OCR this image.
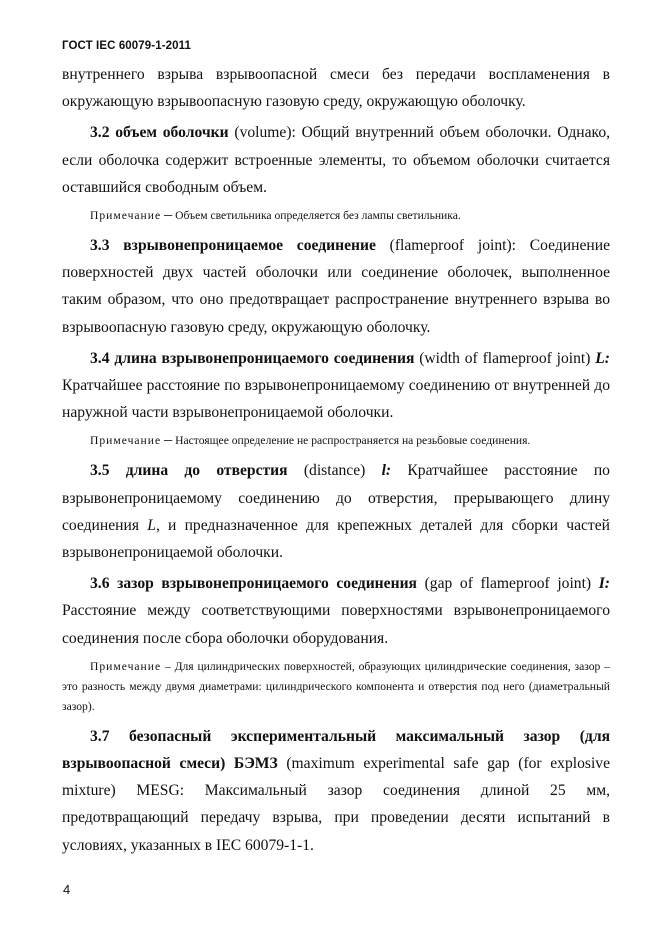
ГОСТ IEC 60079-1-2011

внутреннего взрыва взрывоопасной смеси без передачи воспламенения в окружающую взрывоопасную газовую среду, окружающую оболочку.

3.2 объем оболочки (volume): Общий внутренний объем оболочки. Однако, если оболочка содержит встроенные элементы, то объемом оболочки считается оставшийся свободным объем.

Примечание ─ Объем светильника определяется без лампы светильника.

3.3 взрывонепроницаемое соединение (flameproof joint): Соединение поверхностей двух частей оболочки или соединение оболочек, выполненное таким образом, что оно предотвращает распространение внутреннего взрыва во взрывоопасную газовую среду, окружающую оболочку.

3.4 длина взрывонепроницаемого соединения (width of flameproof joint) L: Кратчайшее расстояние по взрывонепроницаемому соединению от внутренней до наружной части взрывонепроницаемой оболочки.

Примечание ─ Настоящее определение не распространяется на резьбовые соединения.

3.5 длина до отверстия (distance) l: Кратчайшее расстояние по взрывонепроницаемому соединению до отверстия, прерывающего длину соединения L, и предназначенное для крепежных деталей для сборки частей взрывонепроницаемой оболочки.

3.6 зазор взрывонепроницаемого соединения (gap of flameproof joint) I: Расстояние между соответствующими поверхностями взрывонепроницаемого соединения после сбора оболочки оборудования.

Примечание – Для цилиндрических поверхностей, образующих цилиндрические соединения, зазор – это разность между двумя диаметрами: цилиндрического компонента и отверстия под него (диаметральный зазор).

3.7 безопасный экспериментальный максимальный зазор (для взрывоопасной смеси) БЭМЗ (maximum experimental safe gap (for explosive mixture) MESG: Максимальный зазор соединения длиной 25 мм, предотвращающий передачу взрыва, при проведении десяти испытаний в условиях, указанных в IEC 60079-1-1.

4
